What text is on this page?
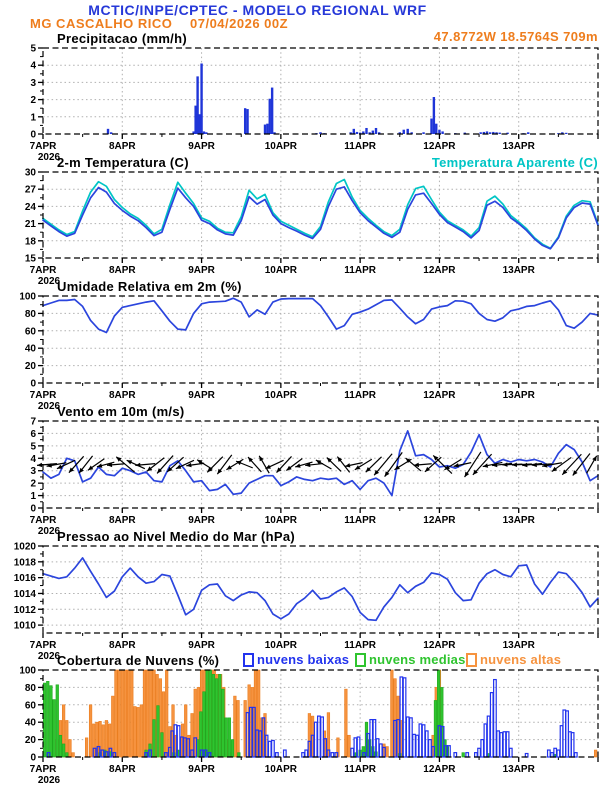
MCTIC/INPE/CPTEC - MODELO REGIONAL WRF
MG CASCALHO RICO 07/04/2026 00Z
47.8772W 18.5764S 709m
Precipitacao (mm/h)
2-m Temperatura (C)	Temperatura Aparente (C)
Umidade Relativa em 2m (%)
Vento em 10m (m/s)
Pressao ao Nivel Medio do Mar (hPa)
Cobertura de Nuvens (%)	nuvens baixas nuvens medias nuvens altas
0
1
2
3
4
5
7APR	8APR	9APR	10APR	11APR	12APR	13APR
2026
15
18
21
24
27
30
7APR	8APR	9APR	10APR	11APR	12APR	13APR
2026
0
20
40
60
80
100
7APR	8APR	9APR	10APR	11APR	12APR	13APR
2026
0
1
2
3
4
5
6
7
7APR	8APR	9APR	10APR	11APR	12APR	13APR
2026
1010
1012
1014
1016
1018
1020
7APR	8APR	9APR	10APR	11APR	12APR	13APR
2026
0
20
40
60
80
100
7APR	8APR	9APR	10APR	11APR	12APR	13APR
2026
